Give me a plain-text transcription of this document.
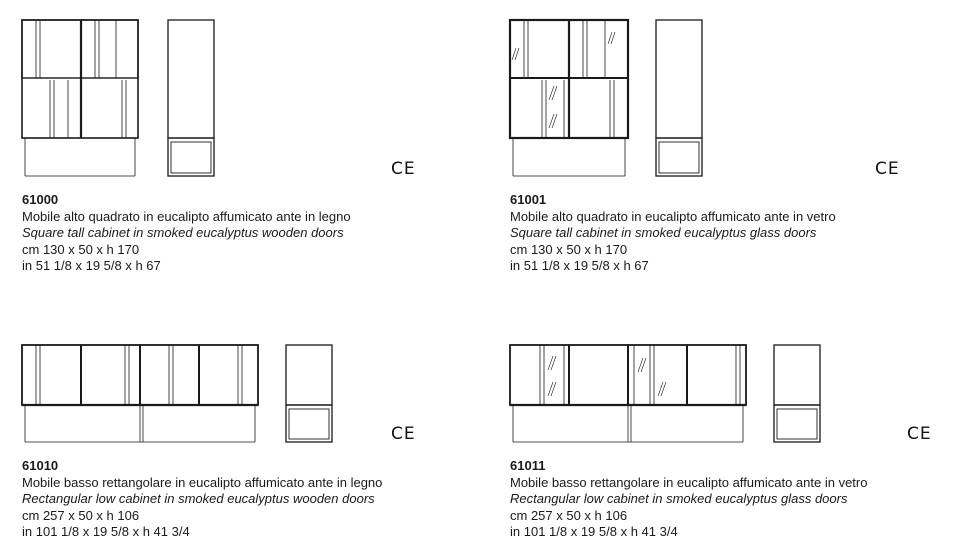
CE
61000
Mobile alto quadrato in eucalipto affumicato ante in legno
Square tall cabinet in smoked eucalyptus wooden doors
cm 130 x 50 x h 170
in 51 1/8 x 19 5/8 x h 67
CE
61001
Mobile alto quadrato in eucalipto affumicato ante in vetro
Square tall cabinet in smoked eucalyptus glass doors
cm 130 x 50 x h 170
in 51 1/8 x 19 5/8 x h 67
CE
61010
Mobile basso rettangolare in eucalipto affumicato ante in legno
Rectangular low cabinet in smoked eucalyptus wooden doors
cm 257 x 50 x h 106
in 101 1/8 x 19 5/8 x h 41 3/4
CE
61011
Mobile basso rettangolare in eucalipto affumicato ante in vetro
Rectangular low cabinet in smoked eucalyptus glass doors
cm 257 x 50 x h 106
in 101 1/8 x 19 5/8 x h 41 3/4
